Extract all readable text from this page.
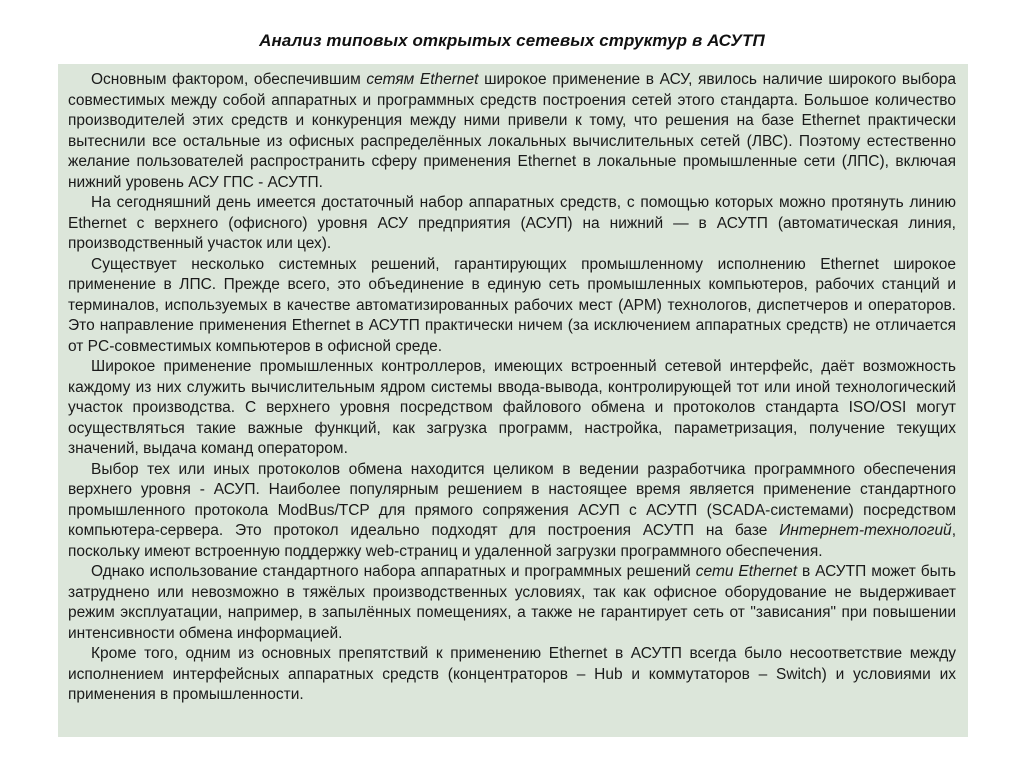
Анализ типовых открытых сетевых структур в АСУТП

Основным фактором, обеспечившим сетям Ethernet широкое применение в АСУ, явилось наличие широкого выбора совместимых между собой аппаратных и программных средств построения сетей этого стандарта. Большое количество производителей этих средств и конкуренция между ними привели к тому, что решения на базе Ethernet практически вытеснили все остальные из офисных распределённых локальных вычислительных сетей (ЛВС). Поэтому естественно желание пользователей распространить сферу применения Ethernet в локальные промышленные сети (ЛПС), включая нижний уровень АСУ ГПС - АСУТП.

На сегодняшний день имеется достаточный набор аппаратных средств, с помощью которых можно протянуть линию Ethernet с верхнего (офисного) уровня АСУ предприятия (АСУП) на нижний — в АСУТП (автоматическая линия, производственный участок или цех).

Существует несколько системных решений, гарантирующих промышленному исполнению Ethernet широкое применение в ЛПС. Прежде всего, это объединение в единую сеть промышленных компьютеров, рабочих станций и терминалов, используемых в качестве автоматизированных рабочих мест (АРМ) технологов, диспетчеров и операторов. Это направление применения Ethernet в АСУТП практически ничем (за исключением аппаратных средств) не отличается от PC-совместимых компьютеров в офисной среде.

Широкое применение промышленных контроллеров, имеющих встроенный сетевой интерфейс, даёт возможность каждому из них служить вычислительным ядром системы ввода-вывода, контролирующей тот или иной технологический участок производства. С верхнего уровня посредством файлового обмена и протоколов стандарта ISO/OSI могут осуществляться такие важные функций, как загрузка программ, настройка, параметризация, получение текущих значений, выдача команд оператором.

Выбор тех или иных протоколов обмена находится целиком в ведении разработчика программного обеспечения верхнего уровня - АСУП. Наиболее популярным решением в настоящее время является применение стандартного промышленного протокола ModBus/TCP для прямого сопряжения АСУП с АСУТП (SCADA-системами) посредством компьютера-сервера. Это протокол идеально подходят для построения АСУТП на базе Интернет-технологий, поскольку имеют встроенную поддержку web-страниц и удаленной загрузки программного обеспечения.

Однако использование стандартного набора аппаратных и программных решений сети Ethernet в АСУТП может быть затруднено или невозможно в тяжёлых производственных условиях, так как офисное оборудование не выдерживает режим эксплуатации, например, в запылённых помещениях, а также не гарантирует сеть от "зависания" при повышении интенсивности обмена информацией.

Кроме того, одним из основных препятствий к применению Ethernet в АСУТП всегда было несоответствие между исполнением интерфейсных аппаратных средств (концентраторов – Hub и коммутаторов – Switch) и условиями их применения в промышленности.
